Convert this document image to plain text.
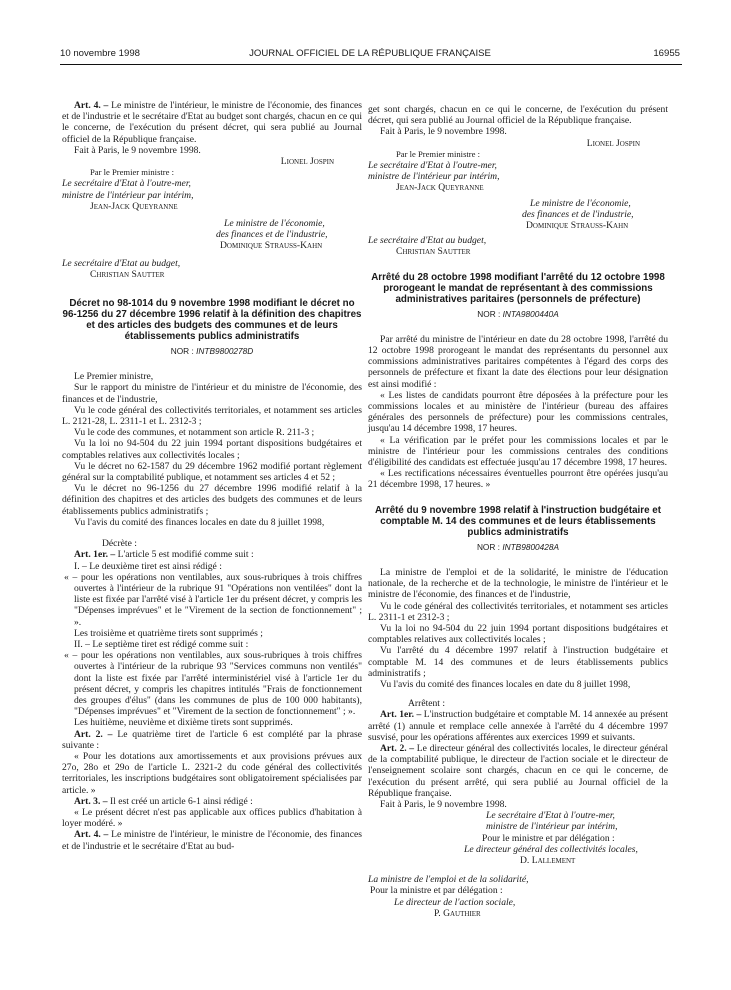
10 novembre 1998	JOURNAL OFFICIEL DE LA RÉPUBLIQUE FRANÇAISE	16955

Art. 4. – Le ministre de l'intérieur, le ministre de l'économie, des finances et de l'industrie et le secrétaire d'Etat au budget sont chargés, chacun en ce qui le concerne, de l'exécution du présent décret, qui sera publié au Journal officiel de la République française.

Fait à Paris, le 9 novembre 1998.

Lionel Jospin

Par le Premier ministre :

Le secrétaire d'Etat à l'outre-mer,

ministre de l'intérieur par intérim,

Jean-Jack Queyranne

Le ministre de l'économie,

des finances et de l'industrie,

Dominique Strauss-Kahn

Le secrétaire d'Etat au budget,

Christian Sautter

Décret no 98-1014 du 9 novembre 1998 modifiant le décret no 96-1256 du 27 décembre 1996 relatif à la définition des chapitres et des articles des budgets des communes et de leurs établissements publics administratifs

NOR : INTB9800278D

Le Premier ministre,

Sur le rapport du ministre de l'intérieur et du ministre de l'économie, des finances et de l'industrie,

Vu le code général des collectivités territoriales, et notamment ses articles L. 2121-28, L. 2311-1 et L. 2312-3 ;

Vu le code des communes, et notamment son article R. 211-3 ;

Vu la loi no 94-504 du 22 juin 1994 portant dispositions budgétaires et comptables relatives aux collectivités locales ;

Vu le décret no 62-1587 du 29 décembre 1962 modifié portant règlement général sur la comptabilité publique, et notamment ses articles 4 et 52 ;

Vu le décret no 96-1256 du 27 décembre 1996 modifié relatif à la définition des chapitres et des articles des budgets des communes et de leurs établissements publics administratifs ;

Vu l'avis du comité des finances locales en date du 8 juillet 1998,

Décrète :

Art. 1er. – L'article 5 est modifié comme suit :

I. – Le deuxième tiret est ainsi rédigé :

« – pour les opérations non ventilables, aux sous-rubriques à trois chiffres ouvertes à l'intérieur de la rubrique 91 "Opérations non ventilées" dont la liste est fixée par l'arrêté visé à l'article 1er du présent décret, y compris les "Dépenses imprévues" et le "Virement de la section de fonctionnement" ; ».

Les troisième et quatrième tirets sont supprimés ;

II. – Le septième tiret est rédigé comme suit :

« – pour les opérations non ventilables, aux sous-rubriques à trois chiffres ouvertes à l'intérieur de la rubrique 93 "Services communs non ventilés" dont la liste est fixée par l'arrêté interministériel visé à l'article 1er du présent décret, y compris les chapitres intitulés "Frais de fonctionnement des groupes d'élus" (dans les communes de plus de 100 000 habitants), "Dépenses imprévues" et "Virement de la section de fonctionnement" ; ».

Les huitième, neuvième et dixième tirets sont supprimés.

Art. 2. – Le quatrième tiret de l'article 6 est complété par la phrase suivante :

« Pour les dotations aux amortissements et aux provisions prévues aux 27o, 28o et 29o de l'article L. 2321-2 du code général des collectivités territoriales, les inscriptions budgétaires sont obligatoirement spécialisées par article. »

Art. 3. – Il est créé un article 6-1 ainsi rédigé :

« Le présent décret n'est pas applicable aux offices publics d'habitation à loyer modéré. »

Art. 4. – Le ministre de l'intérieur, le ministre de l'économie, des finances et de l'industrie et le secrétaire d'Etat au bud-

get sont chargés, chacun en ce qui le concerne, de l'exécution du présent décret, qui sera publié au Journal officiel de la République française.

Fait à Paris, le 9 novembre 1998.

Lionel Jospin

Par le Premier ministre :

Le secrétaire d'Etat à l'outre-mer,

ministre de l'intérieur par intérim,

Jean-Jack Queyranne

Le ministre de l'économie,

des finances et de l'industrie,

Dominique Strauss-Kahn

Le secrétaire d'Etat au budget,

Christian Sautter

Arrêté du 28 octobre 1998 modifiant l'arrêté du 12 octobre 1998 prorogeant le mandat de représentant à des commissions administratives paritaires (personnels de préfecture)

NOR : INTA9800440A

Par arrêté du ministre de l'intérieur en date du 28 octobre 1998, l'arrêté du 12 octobre 1998 prorogeant le mandat des représentants du personnel aux commissions administratives paritaires compétentes à l'égard des corps des personnels de préfecture et fixant la date des élections pour leur désignation est ainsi modifié :

« Les listes de candidats pourront être déposées à la préfecture pour les commissions locales et au ministère de l'intérieur (bureau des affaires générales des personnels de préfecture) pour les commissions centrales, jusqu'au 14 décembre 1998, 17 heures.

« La vérification par le préfet pour les commissions locales et par le ministre de l'intérieur pour les commissions centrales des conditions d'éligibilité des candidats est effectuée jusqu'au 17 décembre 1998, 17 heures.

« Les rectifications nécessaires éventuelles pourront être opérées jusqu'au 21 décembre 1998, 17 heures. »

Arrêté du 9 novembre 1998 relatif à l'instruction budgétaire et comptable M. 14 des communes et de leurs établissements publics administratifs

NOR : INTB9800428A

La ministre de l'emploi et de la solidarité, le ministre de l'éducation nationale, de la recherche et de la technologie, le ministre de l'intérieur et le ministre de l'économie, des finances et de l'industrie,

Vu le code général des collectivités territoriales, et notamment ses articles L. 2311-1 et 2312-3 ;

Vu la loi no 94-504 du 22 juin 1994 portant dispositions budgétaires et comptables relatives aux collectivités locales ;

Vu l'arrêté du 4 décembre 1997 relatif à l'instruction budgétaire et comptable M. 14 des communes et de leurs établissements publics administratifs ;

Vu l'avis du comité des finances locales en date du 8 juillet 1998,

Arrêtent :

Art. 1er. – L'instruction budgétaire et comptable M. 14 annexée au présent arrêté (1) annule et remplace celle annexée à l'arrêté du 4 décembre 1997 susvisé, pour les opérations afférentes aux exercices 1999 et suivants.

Art. 2. – Le directeur général des collectivités locales, le directeur général de la comptabilité publique, le directeur de l'action sociale et le directeur de l'enseignement scolaire sont chargés, chacun en ce qui le concerne, de l'exécution du présent arrêté, qui sera publié au Journal officiel de la République française.

Fait à Paris, le 9 novembre 1998.

Le secrétaire d'Etat à l'outre-mer,

ministre de l'intérieur par intérim,

Pour le ministre et par délégation :

Le directeur général des collectivités locales,

D. Lallement

La ministre de l'emploi et de la solidarité,

Pour la ministre et par délégation :

Le directeur de l'action sociale,

P. Gauthier
